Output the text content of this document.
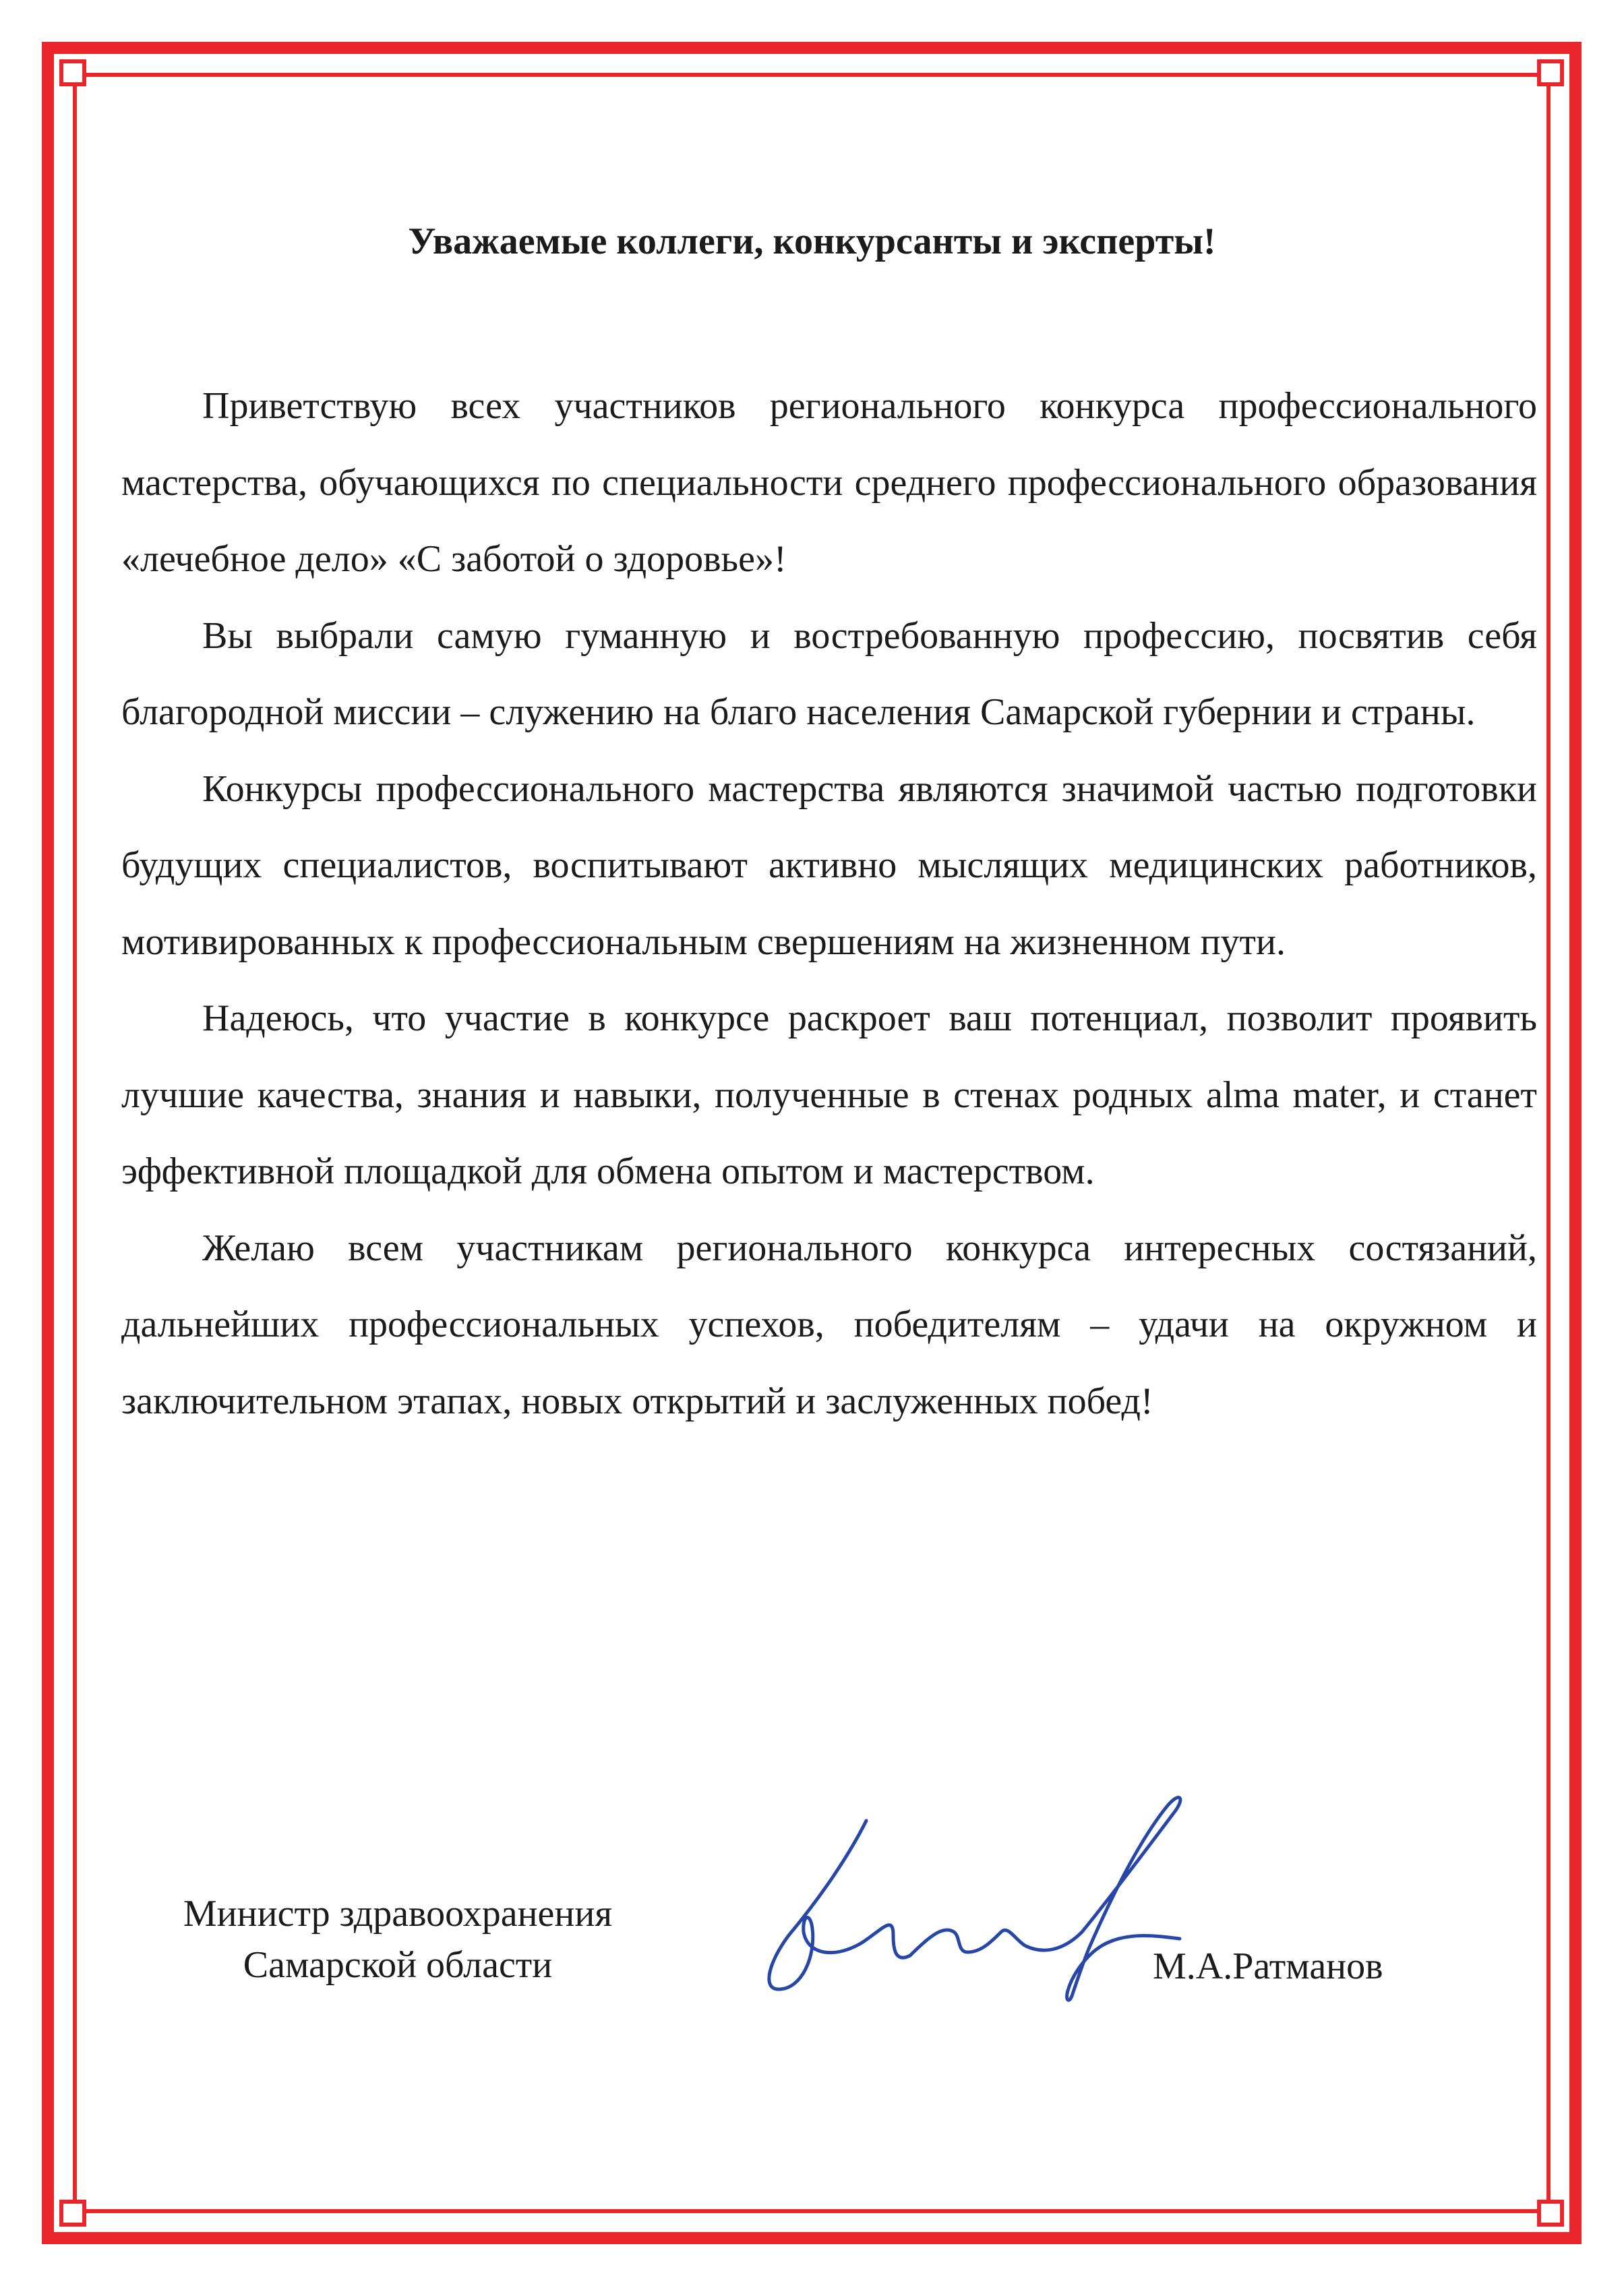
Уважаемые коллеги, конкурсанты и эксперты!

Приветствую всех участников регионального конкурса профессионального мастерства, обучающихся по специальности среднего профессионального образования «лечебное дело» «С заботой о здоровье»!

Вы выбрали самую гуманную и востребованную профессию, посвятив себя благородной миссии – служению на благо населения Самарской губернии и страны.

Конкурсы профессионального мастерства являются значимой частью подготовки будущих специалистов, воспитывают активно мыслящих медицинских работников, мотивированных к профессиональным свершениям на жизненном пути.

Надеюсь, что участие в конкурсе раскроет ваш потенциал, позволит проявить лучшие качества, знания и навыки, полученные в стенах родных alma mater, и станет эффективной площадкой для обмена опытом и мастерством.

Желаю всем участникам регионального конкурса интересных состязаний, дальнейших профессиональных успехов, победителям – удачи на окружном и заключительном этапах, новых открытий и заслуженных побед!

Министр здравоохранения
Самарской области	М.А.Ратманов
